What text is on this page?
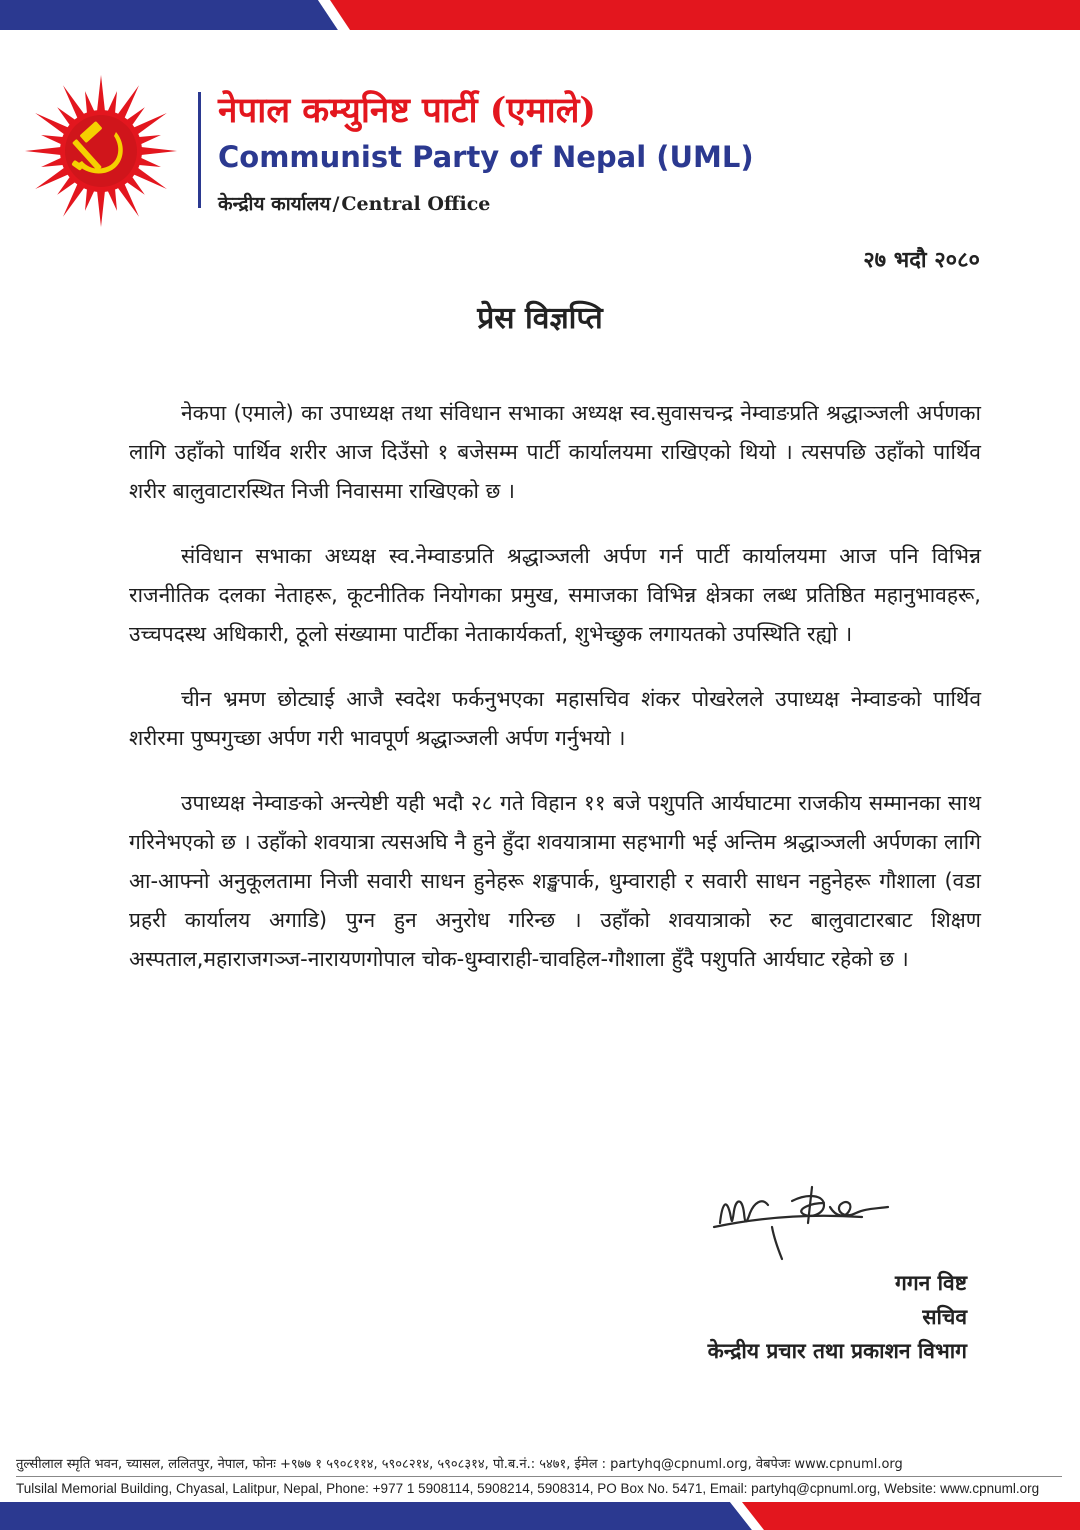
नेपाल कम्युनिष्ट पार्टी (एमाले)
Communist Party of Nepal (UML)
केन्द्रीय कार्यालय / Central Office
२७ भदौ २०८०
प्रेस विज्ञप्ति

नेकपा (एमाले) का उपाध्यक्ष तथा संविधान सभाका अध्यक्ष स्व.सुवासचन्द्र नेम्वाङप्रति श्रद्धाञ्जली अर्पणका लागि उहाँको पार्थिव शरीर आज दिउँसो १ बजेसम्म पार्टी कार्यालयमा राखिएको थियो । त्यसपछि उहाँको पार्थिव शरीर बालुवाटारस्थित निजी निवासमा राखिएको छ ।

संविधान सभाका अध्यक्ष स्व.नेम्वाङप्रति श्रद्धाञ्जली अर्पण गर्न पार्टी कार्यालयमा आज पनि विभिन्न राजनीतिक दलका नेताहरू, कूटनीतिक नियोगका प्रमुख, समाजका विभिन्न क्षेत्रका लब्ध प्रतिष्ठित महानुभावहरू, उच्चपदस्थ अधिकारी, ठूलो संख्यामा पार्टीका नेताकार्यकर्ता, शुभेच्छुक लगायतको उपस्थिति रह्यो ।

चीन भ्रमण छोट्याई आजै स्वदेश फर्कनुभएका महासचिव शंकर पोखरेलले उपाध्यक्ष नेम्वाङको पार्थिव शरीरमा पुष्पगुच्छा अर्पण गरी भावपूर्ण श्रद्धाञ्जली अर्पण गर्नुभयो ।

उपाध्यक्ष नेम्वाङको अन्त्येष्टी यही भदौ २८ गते विहान ११ बजे पशुपति आर्यघाटमा राजकीय सम्मानका साथ गरिनेभएको छ । उहाँको शवयात्रा त्यसअघि नै हुने हुँदा शवयात्रामा सहभागी भई अन्तिम श्रद्धाञ्जली अर्पणका लागि आ-आफ्नो अनुकूलतामा निजी सवारी साधन हुनेहरू शङ्खपार्क, धुम्वाराही र सवारी साधन नहुनेहरू गौशाला (वडा प्रहरी कार्यालय अगाडि) पुग्न हुन अनुरोध गरिन्छ । उहाँको शवयात्राको रुट बालुवाटारबाट शिक्षण अस्पताल,महाराजगञ्ज-नारायणगोपाल चोक-धुम्वाराही-चावहिल-गौशाला हुँदै पशुपति आर्यघाट रहेको छ ।

गगन विष्ट
सचिव
केन्द्रीय प्रचार तथा प्रकाशन विभाग
तुल्सीलाल स्मृति भवन, च्यासल, ललितपुर, नेपाल, फोनः +९७७ १ ५९०८११४, ५९०८२१४, ५९०८३१४, पो.ब.नं.: ५४७१, ईमेल : partyhq@cpnuml.org, वेबपेजः www.cpnuml.org
Tulsilal Memorial Building, Chyasal, Lalitpur, Nepal, Phone: +977 1 5908114, 5908214, 5908314, PO Box No. 5471, Email: partyhq@cpnuml.org, Website: www.cpnuml.org
